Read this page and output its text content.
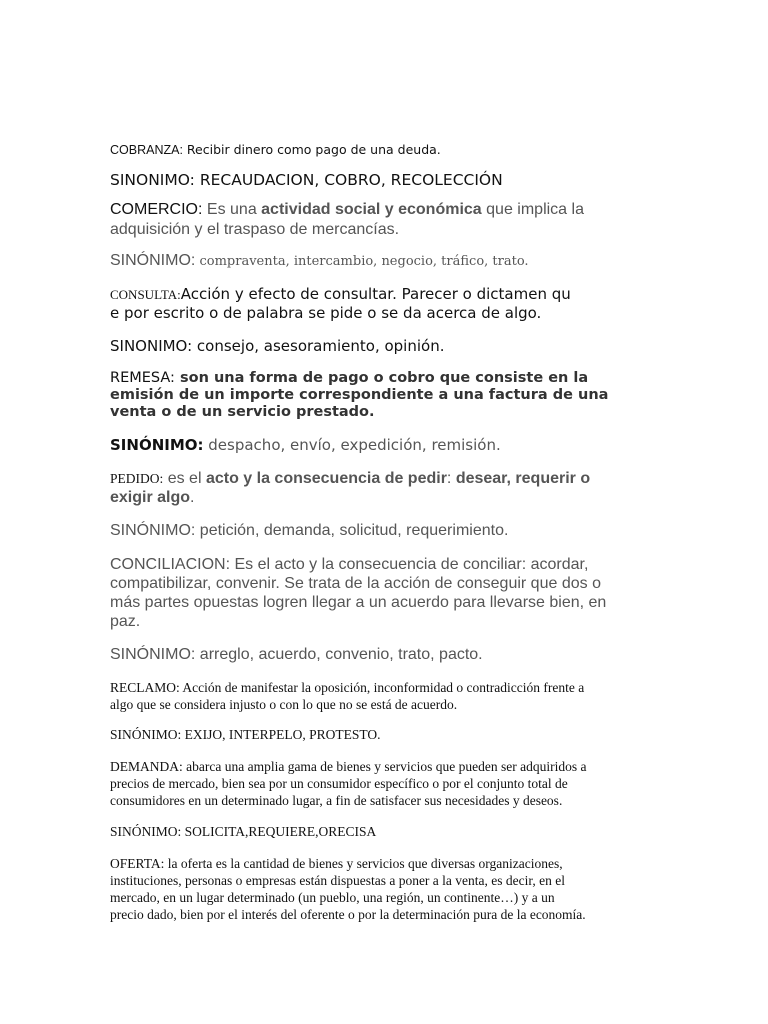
COBRANZA: Recibir dinero como pago de una deuda.
SINONIMO: RECAUDACION, COBRO, RECOLECCIÓN
COMERCIO: Es una actividad social y económica que implica la
adquisición y el traspaso de mercancías.
SINÓNIMO: compraventa, intercambio, negocio, tráfico, trato.
CONSULTA:Acción y efecto de consultar. Parecer o dictamen qu
e por escrito o de palabra se pide o se da acerca de algo.
SINONIMO: consejo, asesoramiento, opinión.
REMESA: son una forma de pago o cobro que consiste en la
emisión de un importe correspondiente a una factura de una
venta o de un servicio prestado.
SINÓNIMO: despacho, envío, expedición, remisión.
PEDIDO: es el acto y la consecuencia de pedir: desear, requerir o
exigir algo.
SINÓNIMO: petición, demanda, solicitud, requerimiento.
CONCILIACION: Es el acto y la consecuencia de conciliar: acordar,
compatibilizar, convenir. Se trata de la acción de conseguir que dos o
más partes opuestas logren llegar a un acuerdo para llevarse bien, en
paz.
SINÓNIMO: arreglo, acuerdo, convenio, trato, pacto.
RECLAMO: Acción de manifestar la oposición, inconformidad o contradicción frente a
algo que se considera injusto o con lo que no se está de acuerdo.
SINÓNIMO: EXIJO, INTERPELO, PROTESTO.
DEMANDA: abarca una amplia gama de bienes y servicios que pueden ser adquiridos a
precios de mercado, bien sea por un consumidor específico o por el conjunto total de
consumidores en un determinado lugar, a fin de satisfacer sus necesidades y deseos.
SINÓNIMO: SOLICITA,REQUIERE,ORECISA
OFERTA: la oferta es la cantidad de bienes y servicios que diversas organizaciones,
instituciones, personas o empresas están dispuestas a poner a la venta, es decir, en el
mercado, en un lugar determinado (un pueblo, una región, un continente…) y a un
precio dado, bien por el interés del oferente o por la determinación pura de la economía.
